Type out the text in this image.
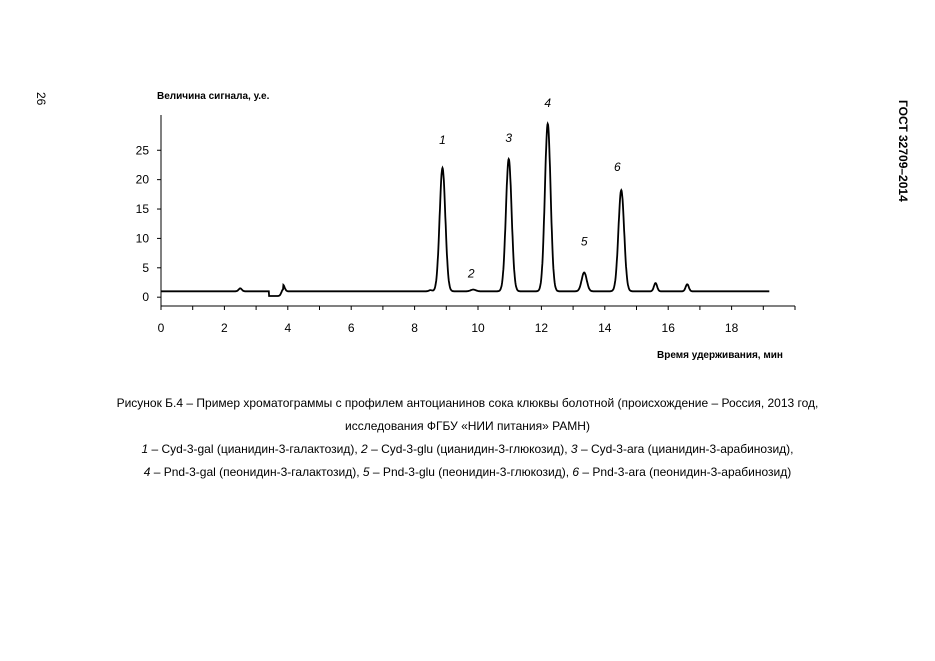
26
ГОСТ 32709–2014
Величина сигнала, у.е.
Время удерживания, мин
0
5
10
15
20
25
0	2	4	6	8	10	12	14	16	18
1
2
3
4
5
6

Рисунок Б.4 – Пример хроматограммы с профилем антоцианинов сока клюквы болотной (происхождение – Россия, 2013 год,

исследования ФГБУ «НИИ питания» РАМН)

1 – Cyd-3-gal (цианидин-3-галактозид), 2 – Cyd-3-glu (цианидин-3-глюкозид), 3 – Cyd-3-ara (цианидин-3-арабинозид),

4 – Pnd-3-gal (пеонидин-3-галактозид), 5 – Pnd-3-glu (пеонидин-3-глюкозид), 6 – Pnd-3-ara (пеонидин-3-арабинозид)
